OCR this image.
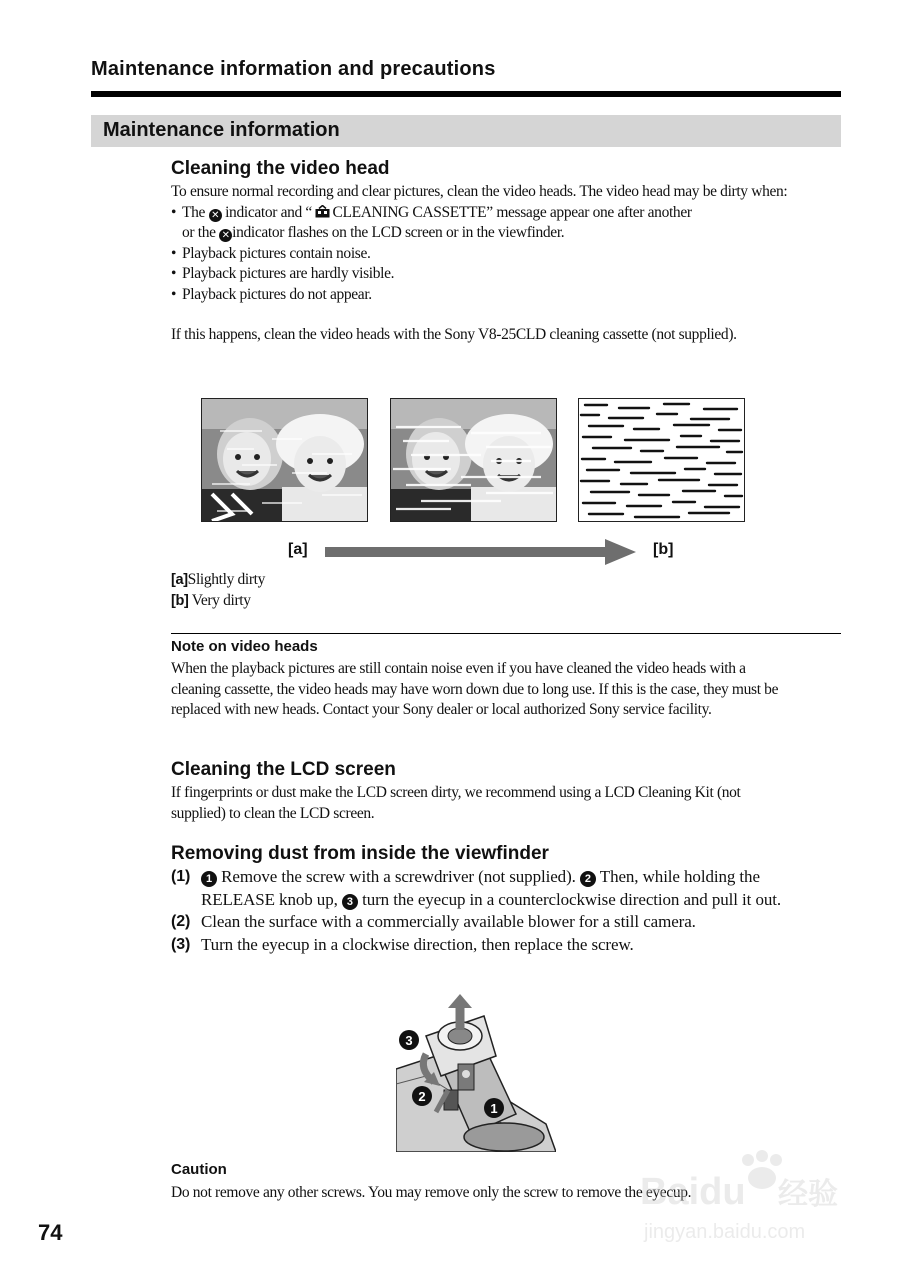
Maintenance information and precautions
Maintenance information
Cleaning the video head

To ensure normal recording and clear pictures, clean the video heads. The video head may be dirty when:

• The ✕ indicator and “ CLEANING CASSETTE” message appear one after another
or the ✕ indicator flashes on the LCD screen or in the viewfinder.
• Playback pictures contain noise.
• Playback pictures are hardly visible.
• Playback pictures do not appear.

If this happens, clean the video heads with the Sony V8-25CLD cleaning cassette (not supplied).

[a]	[b]

[a]Slightly dirty

[b] Very dirty

Note on video heads
When the playback pictures are still contain noise even if you have cleaned the video heads with a cleaning cassette, the video heads may have worn down due to long use. If this is the case, they must be replaced with new heads. Contact your Sony dealer or local authorized Sony service facility.
Cleaning the LCD screen
If fingerprints or dust make the LCD screen dirty, we recommend using a LCD Cleaning Kit (not supplied) to clean the LCD screen.
Removing dust from inside the viewfinder
(1)	1 Remove the screw with a screwdriver (not supplied). 2 Then, while holding the RELEASE knob up, 3 turn the eyecup in a counterclockwise direction and pull it out.
(2) Clean the surface with a commercially available blower for a still camera.
(3) Turn the eyecup in a clockwise direction, then replace the screw.
3
2
1
Caution
Do not remove any other screws. You may remove only the screw to remove the eyecup.
74
Baidu 经验
jingyan.baidu.com
